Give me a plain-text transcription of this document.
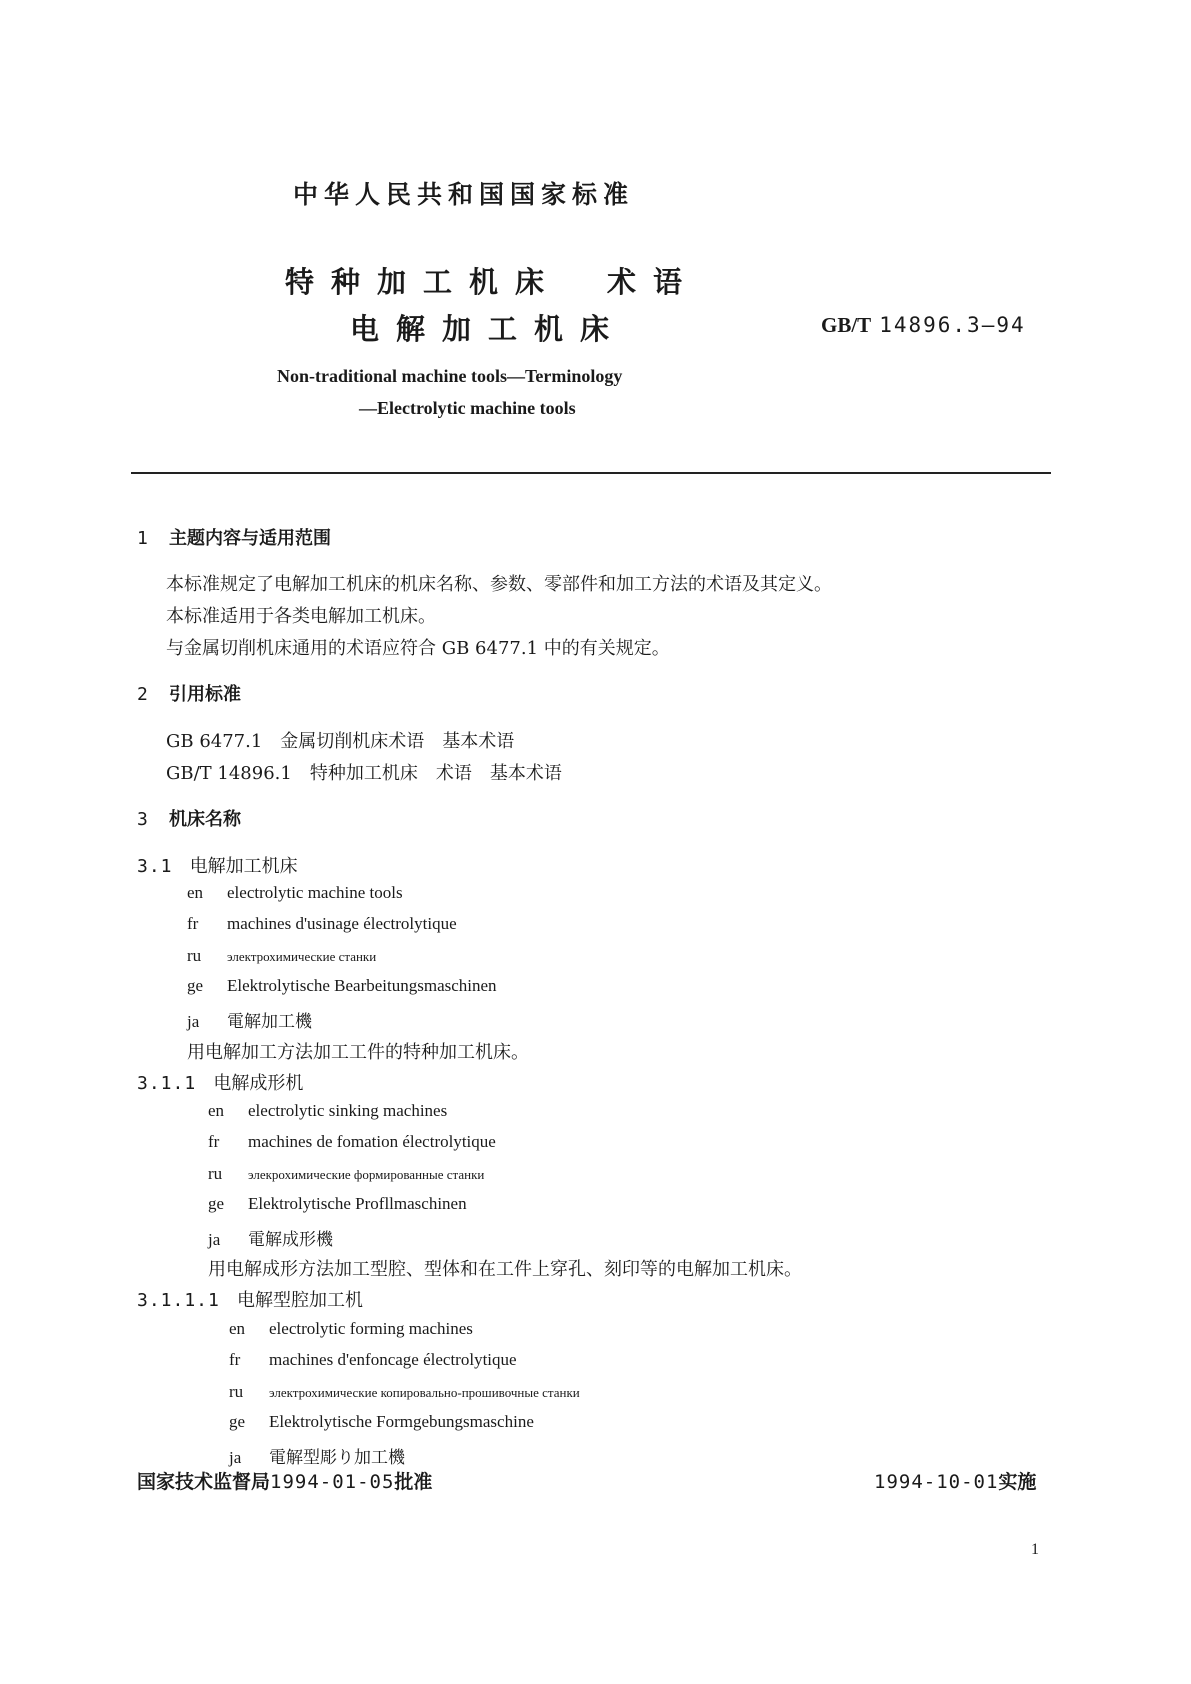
中华人民共和国国家标准
特种加工机床　术语
电解加工机床	GB/T 14896.3—94
Non-traditional machine tools—Terminology
—Electrolytic machine tools
1 主题内容与适用范围
本标准规定了电解加工机床的机床名称、参数、零部件和加工方法的术语及其定义。
本标准适用于各类电解加工机床。
与金属切削机床通用的术语应符合 GB 6477.1 中的有关规定。
2 引用标准
GB 6477.1　金属切削机床术语　基本术语
GB/T 14896.1　特种加工机床　术语　基本术语
3 机床名称
3.1 电解加工机床
en electrolytic machine tools
fr machines d'usinage électrolytique
ru электрохимические станки
ge Elektrolytische Bearbeitungsmaschinen
ja 電解加工機
用电解加工方法加工工件的特种加工机床。
3.1.1 电解成形机
en electrolytic sinking machines
fr machines de fomation électrolytique
ru элекрохимические формированные станки
ge Elektrolytische Profllmaschinen
ja 電解成形機
用电解成形方法加工型腔、型体和在工件上穿孔、刻印等的电解加工机床。
3.1.1.1 电解型腔加工机
en electrolytic forming machines
fr machines d'enfoncage électrolytique
ru электрохимические копировально-прошивочные станки
ge Elektrolytische Formgebungsmaschine
ja 電解型彫り加工機
国家技术监督局1994-01-05批准	1994-10-01实施
1
